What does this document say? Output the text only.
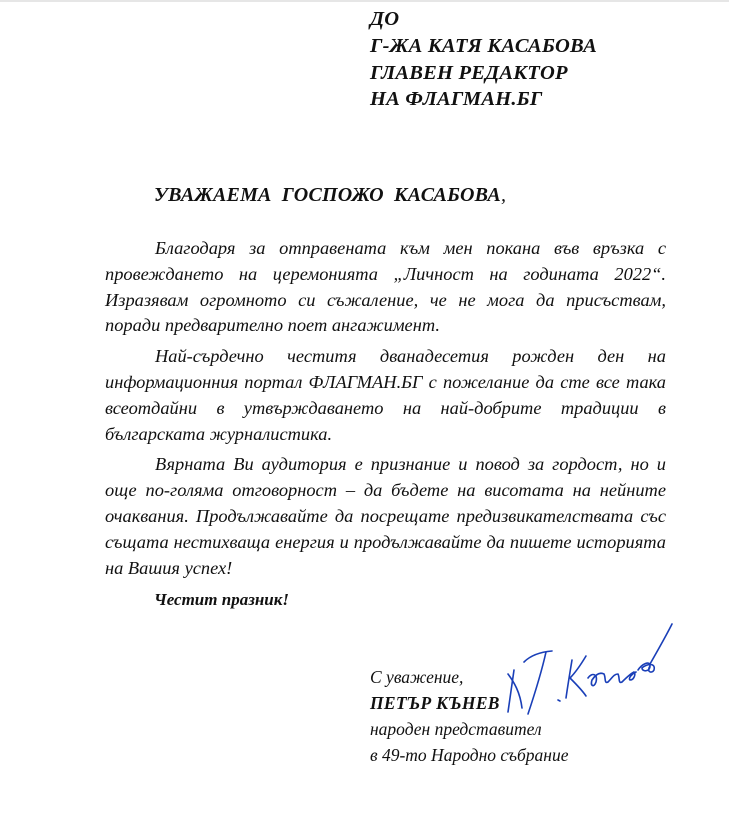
ДО
Г-ЖА КАТЯ КАСАБОВА
ГЛАВЕН РЕДАКТОР
НА ФЛАГМАН.БГ
УВАЖАЕМА ГОСПОЖО КАСАБОВА,

Благодаря за отправената към мен покана във връзка с провеждането на церемонията „Личност на годината 2022“. Изразявам огромното си съжаление, че не мога да присъствам, поради предварително поет ангажимент.

Най-сърдечно честитя дванадесетия рожден ден на информационния портал ФЛАГМАН.БГ с пожелание да сте все така всеотдайни в утвърждаването на най-добрите традиции в българската журналистика.

Вярната Ви аудитория е признание и повод за гордост, но и още по-голяма отговорност – да бъдете на висотата на нейните очаквания. Продължавайте да посрещате предизвикателствата със същата нестихваща енергия и продължавайте да пишете историята на Вашия успех!

Честит празник!
С уважение,
ПЕТЪР КЪНЕВ
народен представител
в 49-то Народно събрание
